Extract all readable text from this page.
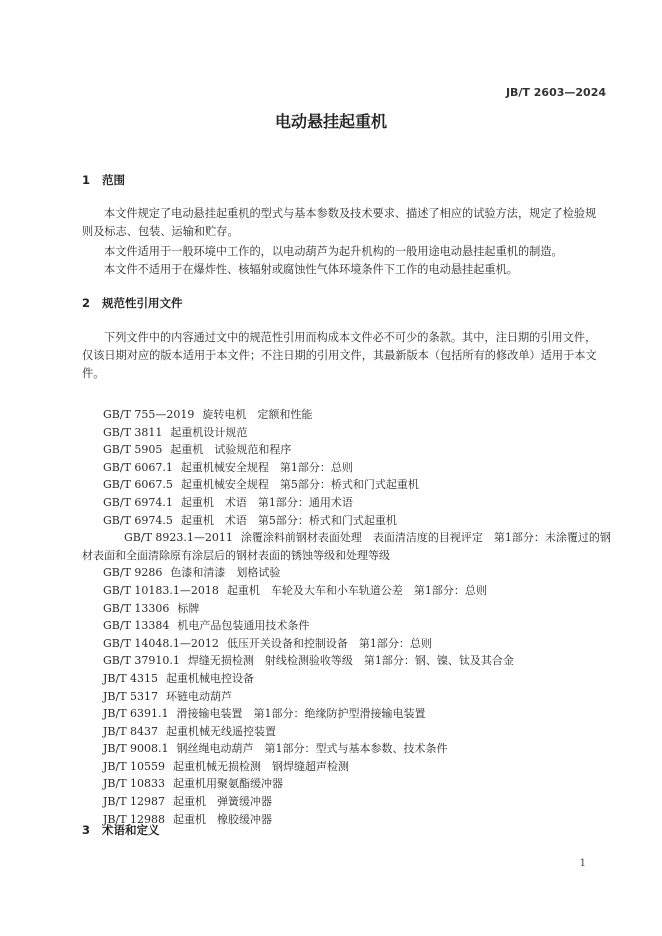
JB/T 2603—2024
电动悬挂起重机
1 范围
本文件规定了电动悬挂起重机的型式与基本参数及技术要求、描述了相应的试验方法，规定了检验规则及标志、包装、运输和贮存。
本文件适用于一般环境中工作的，以电动葫芦为起升机构的一般用途电动悬挂起重机的制造。
本文件不适用于在爆炸性、核辐射或腐蚀性气体环境条件下工作的电动悬挂起重机。
2 规范性引用文件
下列文件中的内容通过文中的规范性引用而构成本文件必不可少的条款。其中，注日期的引用文件，仅该日期对应的版本适用于本文件；不注日期的引用文件，其最新版本（包括所有的修改单）适用于本文件。
GB/T 755—2019 旋转电机　定额和性能
GB/T 3811 起重机设计规范
GB/T 5905 起重机　试验规范和程序
GB/T 6067.1 起重机械安全规程　第1部分：总则
GB/T 6067.5 起重机械安全规程　第5部分：桥式和门式起重机
GB/T 6974.1 起重机　术语　第1部分：通用术语
GB/T 6974.5 起重机　术语　第5部分：桥式和门式起重机
GB/T 8923.1—2011 涂覆涂料前钢材表面处理　表面清洁度的目视评定　第1部分：未涂覆过的钢材表面和全面清除原有涂层后的钢材表面的锈蚀等级和处理等级
GB/T 9286 色漆和清漆　划格试验
GB/T 10183.1—2018 起重机　车轮及大车和小车轨道公差　第1部分：总则
GB/T 13306 标牌
GB/T 13384 机电产品包装通用技术条件
GB/T 14048.1—2012 低压开关设备和控制设备　第1部分：总则
GB/T 37910.1 焊缝无损检测　射线检测验收等级　第1部分：钢、镍、钛及其合金
JB/T 4315 起重机械电控设备
JB/T 5317 环链电动葫芦
JB/T 6391.1 滑接输电装置　第1部分：绝缘防护型滑接输电装置
JB/T 8437 起重机械无线遥控装置
JB/T 9008.1 钢丝绳电动葫芦　第1部分：型式与基本参数、技术条件
JB/T 10559 起重机械无损检测　钢焊缝超声检测
JB/T 10833 起重机用聚氨酯缓冲器
JB/T 12987 起重机　弹簧缓冲器
JB/T 12988 起重机　橡胶缓冲器
3 术语和定义
1
